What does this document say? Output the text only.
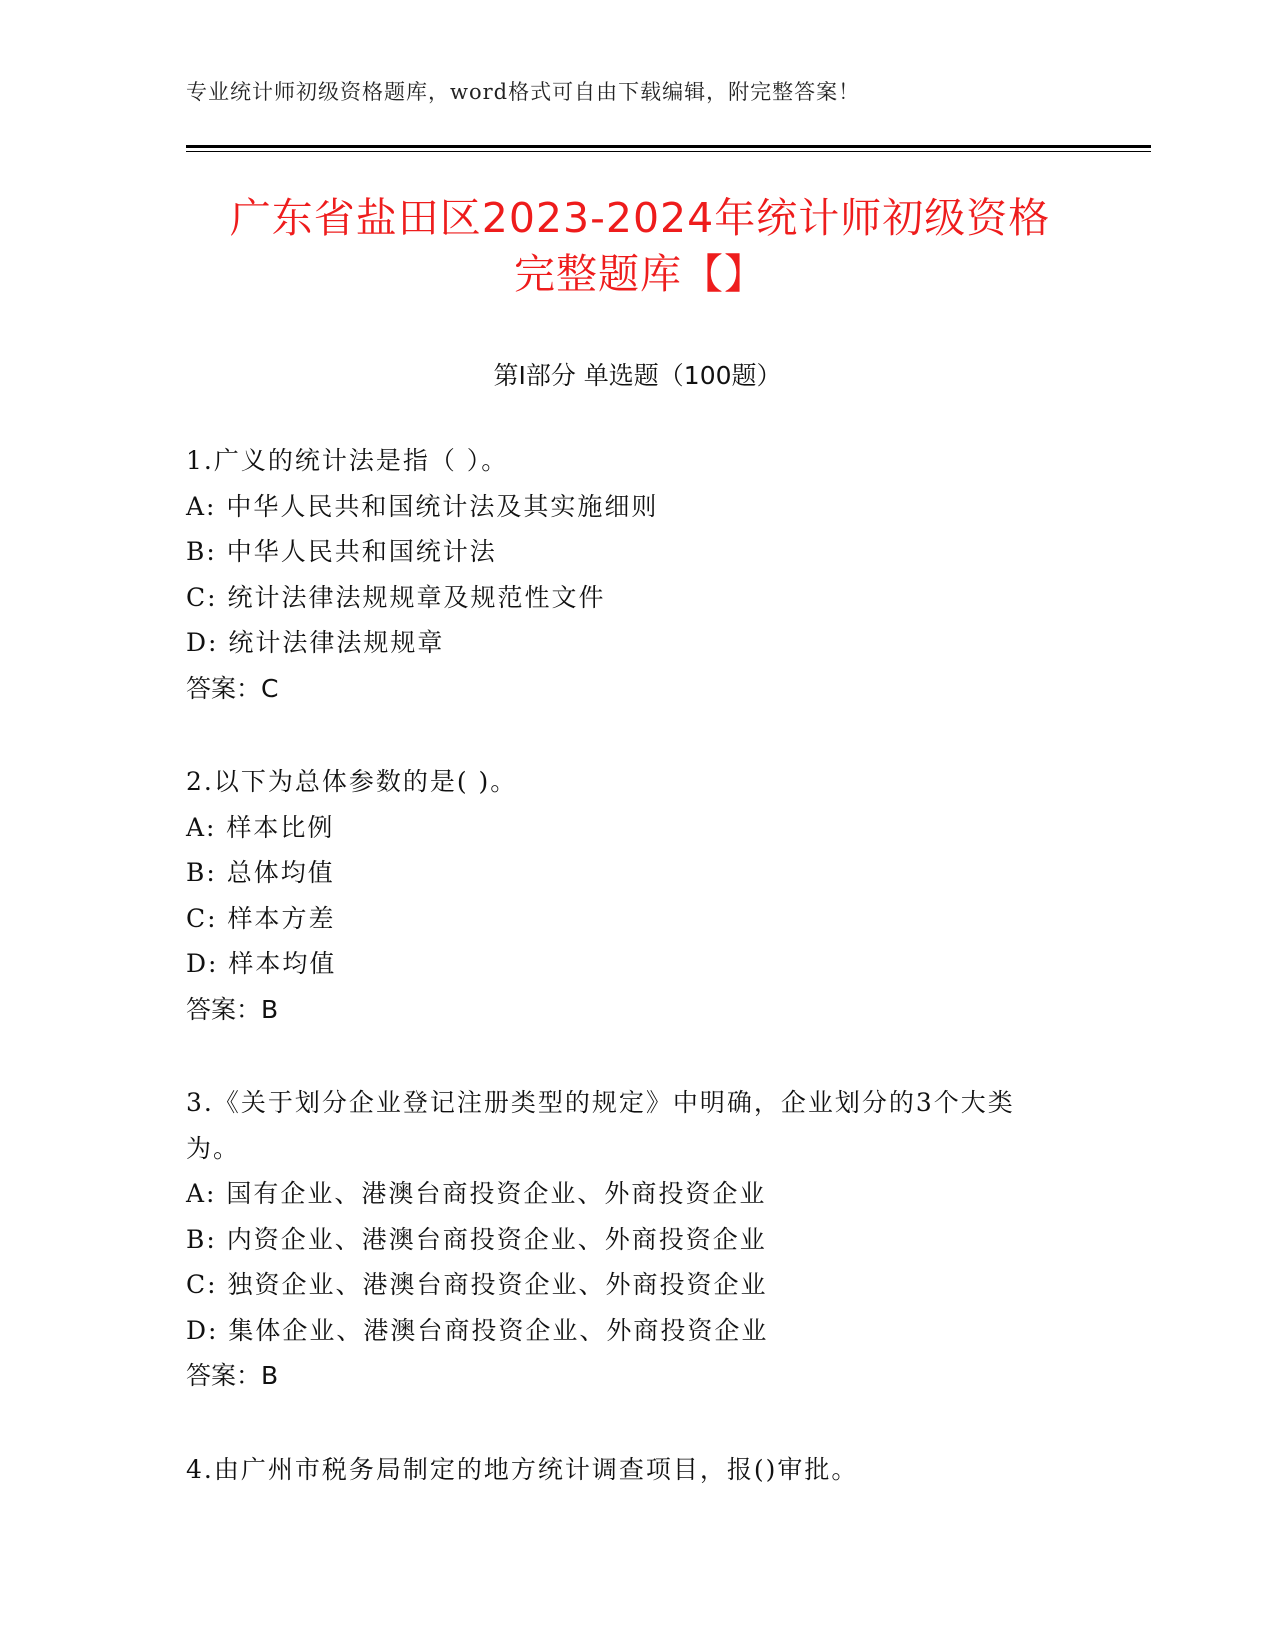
专业统计师初级资格题库，word格式可自由下载编辑，附完整答案！
广东省盐田区2023-2024年统计师初级资格
完整题库【】
第I部分 单选题（100题）
1.广义的统计法是指（ ）。
A: 中华人民共和国统计法及其实施细则
B: 中华人民共和国统计法
C: 统计法律法规规章及规范性文件
D: 统计法律法规规章
答案：C
2.以下为总体参数的是( )。
A: 样本比例
B: 总体均值
C: 样本方差
D: 样本均值
答案：B
3.《关于划分企业登记注册类型的规定》中明确，企业划分的3个大类为。
A: 国有企业、港澳台商投资企业、外商投资企业
B: 内资企业、港澳台商投资企业、外商投资企业
C: 独资企业、港澳台商投资企业、外商投资企业
D: 集体企业、港澳台商投资企业、外商投资企业
答案：B
4.由广州市税务局制定的地方统计调查项目，报()审批。
